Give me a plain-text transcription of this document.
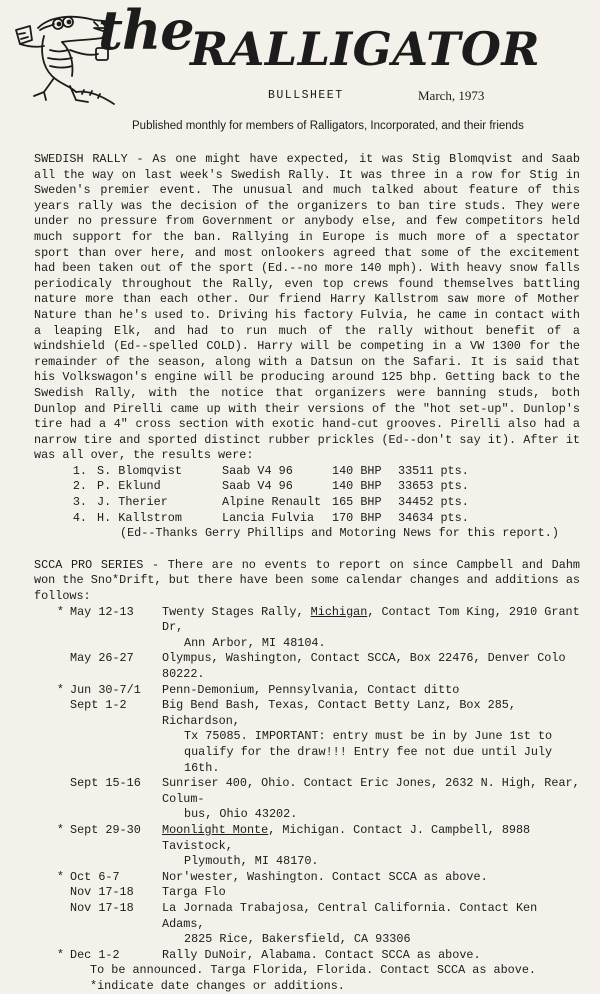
the
RALLIGATOR
BULLSHEET	March, 1973
Published monthly for members of Ralligators, Incorporated, and their friends
SWEDISH RALLY - As one might have expected, it was Stig Blomqvist and Saab all the way on last week's Swedish Rally. It was three in a row for Stig in Sweden's premier event. The unusual and much talked about feature of this years rally was the decision of the organizers to ban tire studs. They were under no pressure from Government or anybody else, and few competitors held much support for the ban. Rallying in Europe is much more of a spectator sport than over here, and most onlookers agreed that some of the excitement had been taken out of the sport (Ed.--no more 140 mph). With heavy snow falls periodicaly throughout the Rally, even top crews found themselves battling nature more than each other. Our friend Harry Kallstrom saw more of Mother Nature than he's used to. Driving his factory Fulvia, he came in contact with a leaping Elk, and had to run much of the rally without benefit of a windshield (Ed--spelled COLD). Harry will be competing in a VW 1300 for the remainder of the season, along with a Datsun on the Safari. It is said that his Volkswagon's engine will be producing around 125 bhp. Getting back to the Swedish Rally, with the notice that organizers were banning studs, both Dunlop and Pirelli came up with their versions of the "hot set-up". Dunlop's tire had a 4" cross section with exotic hand-cut grooves. Pirelli also had a narrow tire and sported distinct rubber prickles (Ed--don't say it). After it was all over, the results were:
1. S. Blomqvist	Saab V4 96	140 BHP	33511 pts.
2. P. Eklund	Saab V4 96	140 BHP	33653 pts.
3. J. Therier	Alpine Renault 165 BHP	34452 pts.
4. H. Kallstrom	Lancia Fulvia	170 BHP	34634 pts.
(Ed--Thanks Gerry Phillips and Motoring News for this report.)
SCCA PRO SERIES - There are no events to report on since Campbell and Dahm won the Sno*Drift, but there have been some calendar changes and additions as follows:
* May 12-13	Twenty Stages Rally, Michigan, Contact Tom King, 2910 Grant Dr,
Ann Arbor, MI 48104.
May 26-27	Olympus, Washington, Contact SCCA, Box 22476, Denver Colo 80222.
* Jun 30-7/1	Penn-Demonium, Pennsylvania, Contact ditto
Sept 1-2	Big Bend Bash, Texas, Contact Betty Lanz, Box 285, Richardson,
Tx 75085. IMPORTANT: entry must be in by June 1st to qualify for the draw!!! Entry fee not due until July 16th.
Sept 15-16	Sunriser 400, Ohio. Contact Eric Jones, 2632 N. High, Rear, Colum-
bus, Ohio 43202.
* Sept 29-30	Moonlight Monte, Michigan. Contact J. Campbell, 8988 Tavistock,
Plymouth, MI 48170.
* Oct 6-7	Nor'wester, Washington. Contact SCCA as above.
Nov 17-18	Targa Flo
Nov 17-18	La Jornada Trabajosa, Central California. Contact Ken Adams,
2825 Rice, Bakersfield, CA 93306
* Dec 1-2	Rally DuNoir, Alabama. Contact SCCA as above.
To be announced. Targa Florida, Florida. Contact SCCA as above.
*indicate date changes or additions.
